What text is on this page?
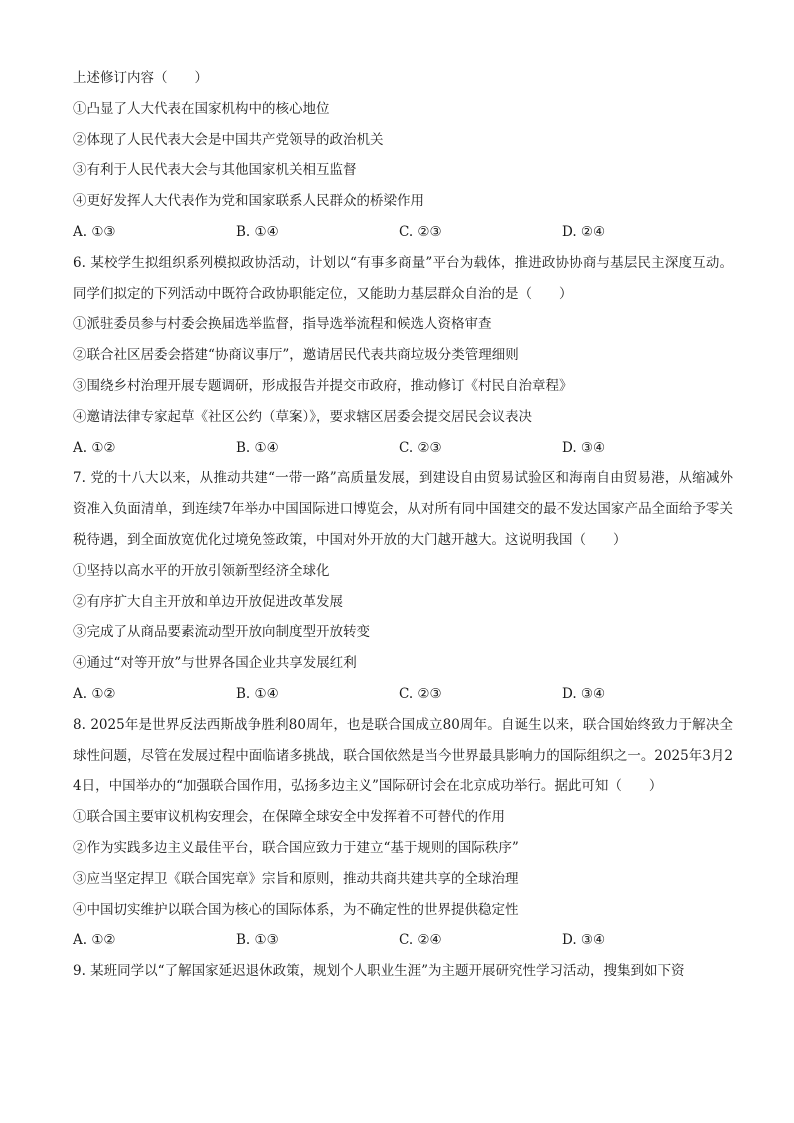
上述修订内容（　　）
①凸显了人大代表在国家机构中的核心地位
②体现了人民代表大会是中国共产党领导的政治机关
③有利于人民代表大会与其他国家机关相互监督
④更好发挥人大代表作为党和国家联系人民群众的桥梁作用
A. ①③	B. ①④	C. ②③	D. ②④
6. 某校学生拟组织系列模拟政协活动，计划以“有事多商量”平台为载体，推进政协协商与基层民主深度互动。同学们拟定的下列活动中既符合政协职能定位，又能助力基层群众自治的是（　　）
①派驻委员参与村委会换届选举监督，指导选举流程和候选人资格审查
②联合社区居委会搭建“协商议事厅”，邀请居民代表共商垃圾分类管理细则
③围绕乡村治理开展专题调研，形成报告并提交市政府，推动修订《村民自治章程》
④邀请法律专家起草《社区公约（草案）》，要求辖区居委会提交居民会议表决
A. ①②	B. ①④	C. ②③	D. ③④
7. 党的十八大以来，从推动共建“一带一路”高质量发展，到建设自由贸易试验区和海南自由贸易港，从缩减外资准入负面清单，到连续7年举办中国国际进口博览会，从对所有同中国建交的最不发达国家产品全面给予零关税待遇，到全面放宽优化过境免签政策，中国对外开放的大门越开越大。这说明我国（　　）
①坚持以高水平的开放引领新型经济全球化
②有序扩大自主开放和单边开放促进改革发展
③完成了从商品要素流动型开放向制度型开放转变
④通过“对等开放”与世界各国企业共享发展红利
A. ①②	B. ①④	C. ②③	D. ③④
8. 2025年是世界反法西斯战争胜利80周年，也是联合国成立80周年。自诞生以来，联合国始终致力于解决全球性问题，尽管在发展过程中面临诸多挑战，联合国依然是当今世界最具影响力的国际组织之一。2025年3月24日，中国举办的“加强联合国作用，弘扬多边主义”国际研讨会在北京成功举行。据此可知（　　）
①联合国主要审议机构安理会，在保障全球安全中发挥着不可替代的作用
②作为实践多边主义最佳平台，联合国应致力于建立“基于规则的国际秩序”
③应当坚定捍卫《联合国宪章》宗旨和原则，推动共商共建共享的全球治理
④中国切实维护以联合国为核心的国际体系，为不确定性的世界提供稳定性
A. ①②	B. ①③	C. ②④	D. ③④
9. 某班同学以“了解国家延迟退休政策，规划个人职业生涯”为主题开展研究性学习活动，搜集到如下资
